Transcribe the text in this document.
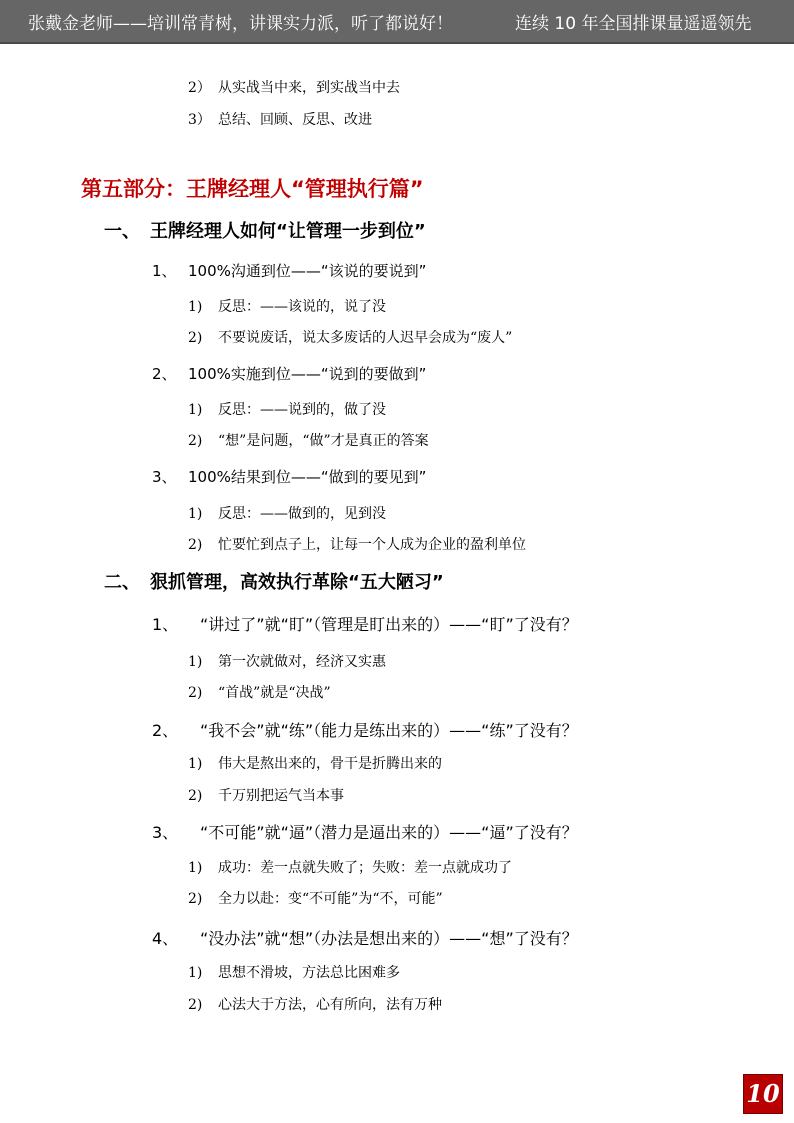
张戴金老师——培训常青树，讲课实力派，听了都说好！	连续 10 年全国排课量遥遥领先
2） 从实战当中来，到实战当中去
3） 总结、回顾、反思、改进
第五部分：王牌经理人“管理执行篇”
一、 王牌经理人如何“让管理一步到位”
1、 100%沟通到位——“该说的要说到”
1) 反思：——该说的，说了没
2) 不要说废话，说太多废话的人迟早会成为“废人”
2、 100%实施到位——“说到的要做到”
1) 反思：——说到的，做了没
2) “想”是问题，“做”才是真正的答案
3、 100%结果到位——“做到的要见到”
1) 反思：——做到的，见到没
2) 忙要忙到点子上，让每一个人成为企业的盈利单位
二、 狠抓管理，高效执行革除“五大陋习”
1、 “讲过了”就“盯”（管理是盯出来的）——“盯”了没有？
1) 第一次就做对，经济又实惠
2) “首战”就是“决战”
2、 “我不会”就“练”（能力是练出来的）——“练”了没有？
1) 伟大是熬出来的，骨干是折腾出来的
2) 千万别把运气当本事
3、 “不可能”就“逼”（潜力是逼出来的）——“逼”了没有？
1) 成功：差一点就失败了；失败：差一点就成功了
2) 全力以赴：变“不可能”为“不，可能”
4、 “没办法”就“想”（办法是想出来的）——“想”了没有？
1) 思想不滑坡，方法总比困难多
2) 心法大于方法，心有所向，法有万种
10
